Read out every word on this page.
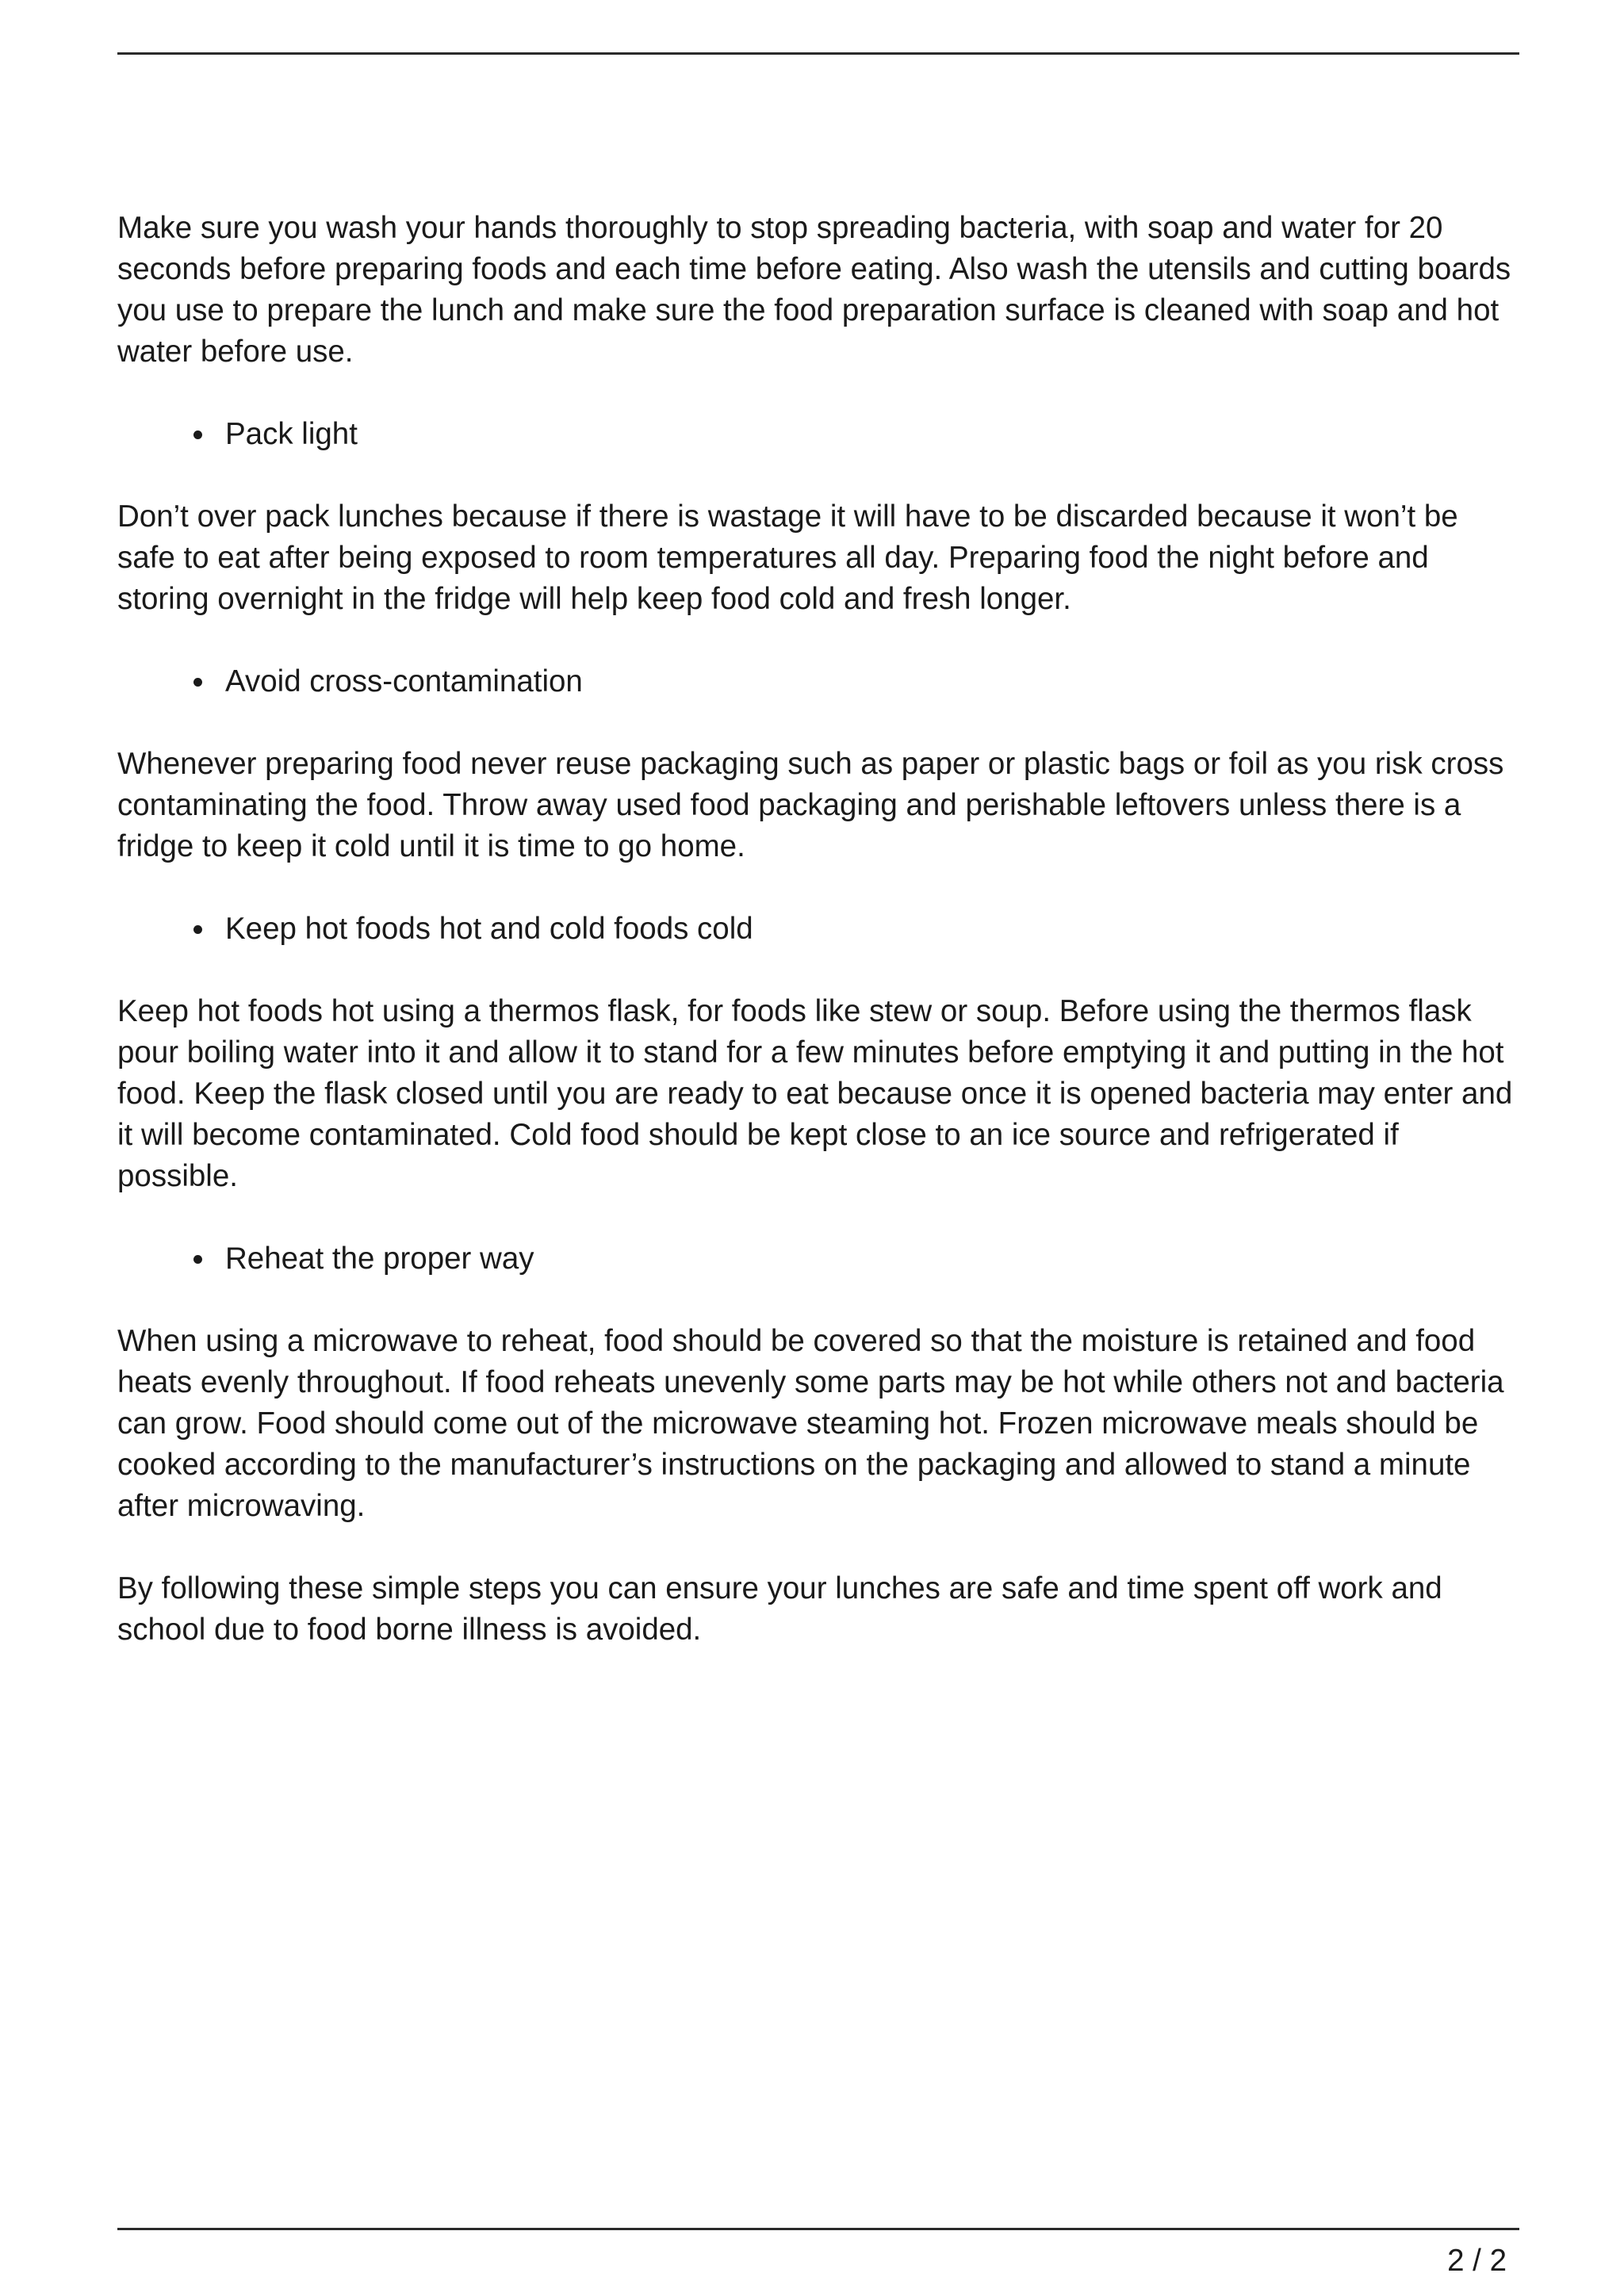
Make sure you wash your hands thoroughly to stop spreading bacteria, with soap and water for 20 seconds before preparing foods and each time before eating. Also wash the utensils and cutting boards you use to prepare the lunch and make sure the food preparation surface is cleaned with soap and hot water before use.

Pack light

Don’t over pack lunches because if there is wastage it will have to be discarded because it won’t be safe to eat after being exposed to room temperatures all day. Preparing food the night before and storing overnight in the fridge will help keep food cold and fresh longer.

Avoid cross-contamination

Whenever preparing food never reuse packaging such as paper or plastic bags or foil as you risk cross contaminating the food. Throw away used food packaging and perishable leftovers unless there is a fridge to keep it cold until it is time to go home.

Keep hot foods hot and cold foods cold

Keep hot foods hot using a thermos flask, for foods like stew or soup. Before using the thermos flask pour boiling water into it and allow it to stand for a few minutes before emptying it and putting in the hot food. Keep the flask closed until you are ready to eat because once it is opened bacteria may enter and it will become contaminated. Cold food should be kept close to an ice source and refrigerated if possible.

Reheat the proper way

When using a microwave to reheat, food should be covered so that the moisture is retained and food heats evenly throughout. If food reheats unevenly some parts may be hot while others not and bacteria can grow. Food should come out of the microwave steaming hot. Frozen microwave meals should be cooked according to the manufacturer’s instructions on the packaging and allowed to stand a minute after microwaving.

By following these simple steps you can ensure your lunches are safe and time spent off work and school due to food borne illness is avoided.

2 / 2
